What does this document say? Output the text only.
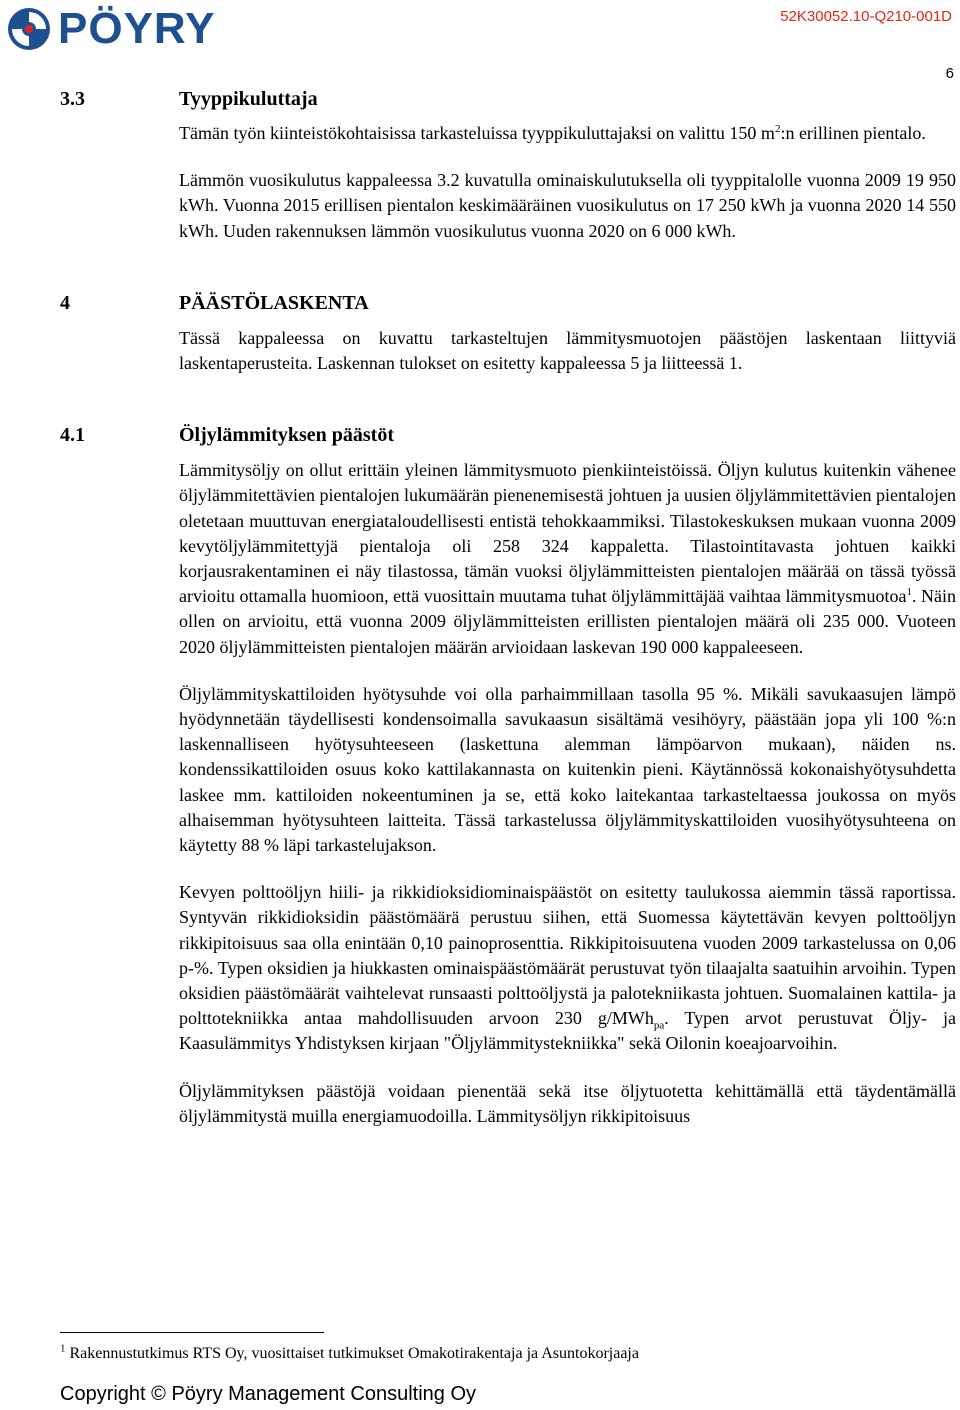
PÖYRY	52K30052.10-Q210-001D
6
3.3	Tyyppikuluttaja

Tämän työn kiinteistökohtaisissa tarkasteluissa tyyppikuluttajaksi on valittu 150 $m^2:n$ erillinen pientalo.

Lämmön vuosikulutus kappaleessa 3.2 kuvatulla ominaiskulutuksella oli tyyppitalolle vuonna 2009 19 950 kWh. Vuonna 2015 erillisen pientalon keskimääräinen vuosikulutus on 17 250 kWh ja vuonna 2020 14 550 kWh. Uuden rakennuksen lämmön vuosikulutus vuonna 2020 on 6 000 kWh.

4	PÄÄSTÖLASKENTA

Tässä kappaleessa on kuvattu tarkasteltujen lämmitysmuotojen päästöjen laskentaan liittyviä laskentaperusteita. Laskennan tulokset on esitetty kappaleessa 5 ja liitteessä 1.

4.1	Öljylämmityksen päästöt

Lämmitysöljy on ollut erittäin yleinen lämmitysmuoto pienkiinteistöissä. Öljyn kulutus kuitenkin vähenee öljylämmitettävien pientalojen lukumäärän pienenemisestä johtuen ja uusien öljylämmitettävien pientalojen oletetaan muuttuvan energiataloudellisesti entistä tehokkaammiksi. Tilastokeskuksen mukaan vuonna 2009 kevytöljylämmitettyjä pientaloja oli 258 324 kappaletta. Tilastointitavasta johtuen kaikki korjausrakentaminen ei näy tilastossa, tämän vuoksi öljylämmitteisten pientalojen määrää on tässä työssä arvioitu ottamalla huomioon, että vuosittain muutama tuhat öljylämmittäjää vaihtaa lämmitysmuotoa$^1$. Näin ollen on arvioitu, että vuonna 2009 öljylämmitteisten erillisten pientalojen määrä oli 235 000. Vuoteen 2020 öljylämmitteisten pientalojen määrän arvioidaan laskevan 190 000 kappaleeseen.

Öljylämmityskattiloiden hyötysuhde voi olla parhaimmillaan tasolla 95 %. Mikäli savukaasujen lämpö hyödynnetään täydellisesti kondensoimalla savukaasun sisältämä vesihöyry, päästään jopa yli 100 %:n laskennalliseen hyötysuhteeseen (laskettuna alemman lämpöarvon mukaan), näiden ns. kondenssikattiloiden osuus koko kattilakannasta on kuitenkin pieni. Käytännössä kokonaishyötysuhdetta laskee mm. kattiloiden nokeentuminen ja se, että koko laitekantaa tarkasteltaessa joukossa on myös alhaisemman hyötysuhteen laitteita. Tässä tarkastelussa öljylämmityskattiloiden vuosihyötysuhteena on käytetty 88 % läpi tarkastelujakson.

Kevyen polttoöljyn hiili- ja rikkidioksidiominaispäästöt on esitetty taulukossa aiemmin tässä raportissa. Syntyvän rikkidioksidin päästömäärä perustuu siihen, että Suomessa käytettävän kevyen polttoöljyn rikkipitoisuus saa olla enintään 0,10 painoprosenttia. Rikkipitoisuutena vuoden 2009 tarkastelussa on 0,06 p-%. Typen oksidien ja hiukkasten ominaispäästömäärät perustuvat työn tilaajalta saatuihin arvoihin. Typen oksidien päästömäärät vaihtelevat runsaasti polttoöljystä ja palotekniikasta johtuen. Suomalainen kattila- ja polttotekniikka antaa mahdollisuuden arvoon 230 g/MWh$_{pa}$. Typen arvot perustuvat Öljy- ja Kaasulämmitys Yhdistyksen kirjaan "Öljylämmitystekniikka" sekä Oilonin koeajoarvoihin.

Öljylämmityksen päästöjä voidaan pienentää sekä itse öljytuotetta kehittämällä että täydentämällä öljylämmitystä muilla energiamuodoilla. Lämmitysöljyn rikkipitoisuus

$^1$ Rakennustutkimus RTS Oy, vuosittaiset tutkimukset Omakotirakentaja ja Asuntokorjaaja
Copyright © Pöyry Management Consulting Oy
